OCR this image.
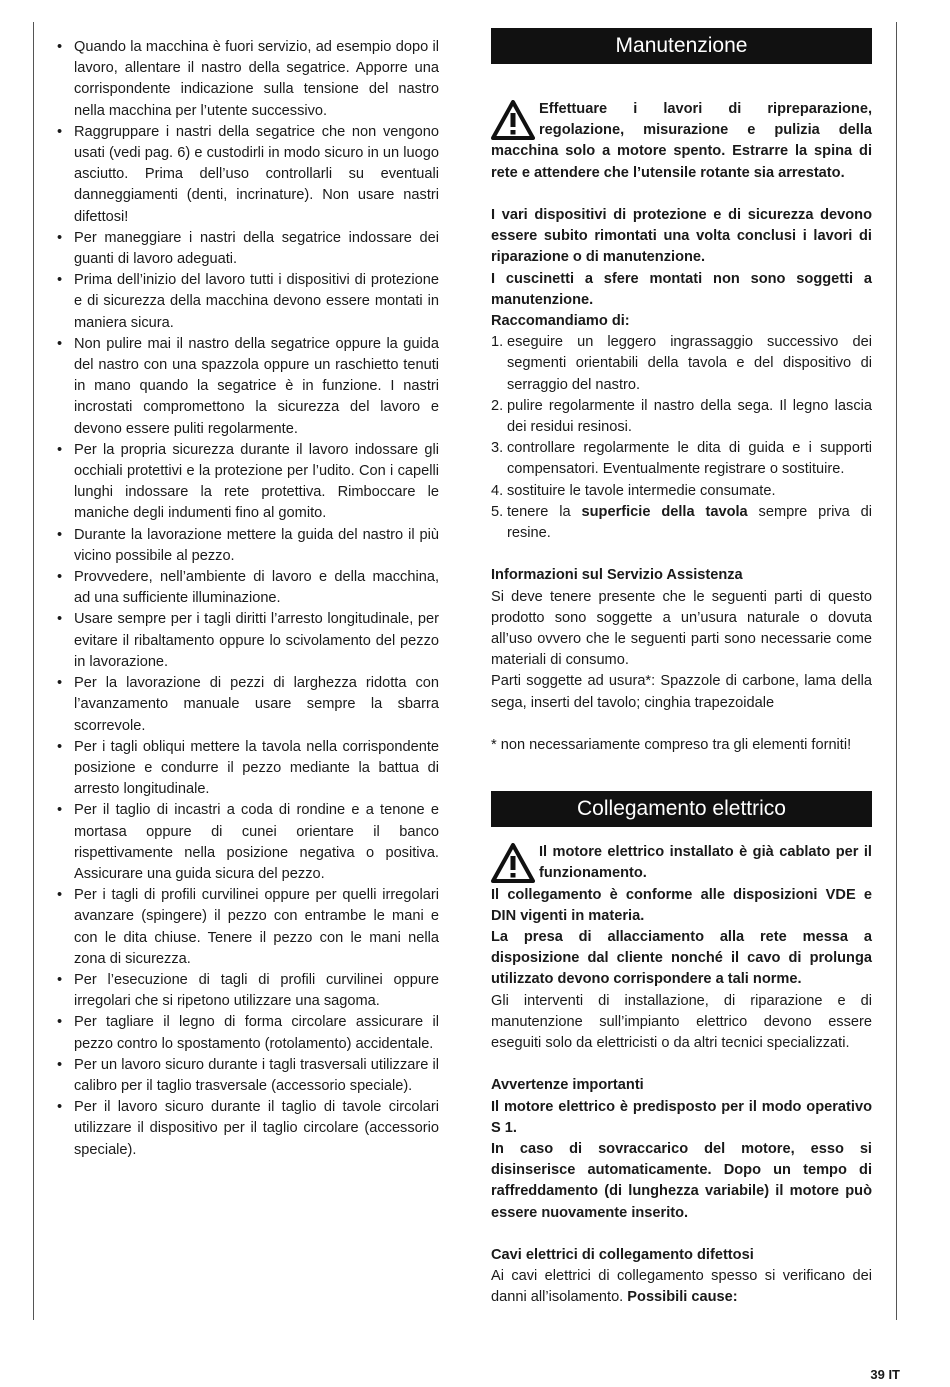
• Quando la macchina è fuori servizio, ad esempio dopo il lavoro, allentare il nastro della segatrice. Apporre una corrispondente indicazione sulla tensione del nastro nella macchina per l’utente successivo.
• Raggruppare i nastri della segatrice che non vengono usati (vedi pag. 6) e custodirli in modo sicuro in un luogo asciutto. Prima dell’uso controllarli su eventuali danneggiamenti (denti, incrinature). Non usare nastri difettosi!
• Per maneggiare i nastri della segatrice indossare dei guanti di lavoro adeguati.
• Prima dell’inizio del lavoro tutti i dispositivi di protezione e di sicurezza della macchina devono essere montati in maniera sicura.
• Non pulire mai il nastro della segatrice oppure la guida del nastro con una spazzola oppure un raschietto tenuti in mano quando la segatrice è in funzione. I nastri incrostati compromettono la sicurezza del lavoro e devono essere puliti regolarmente.
• Per la propria sicurezza durante il lavoro indossare gli occhiali protettivi e la protezione per l’udito. Con i capelli lunghi indossare la rete protettiva. Rimboccare le maniche degli indumenti fino al gomito.
• Durante la lavorazione mettere la guida del nastro il più vicino possibile al pezzo.
• Provvedere, nell’ambiente di lavoro e della macchina, ad una sufficiente illuminazione.
• Usare sempre per i tagli diritti l’arresto longitudinale, per evitare il ribaltamento oppure lo scivolamento del pezzo in lavorazione.
• Per la lavorazione di pezzi di larghezza ridotta con l’avanzamento manuale usare sempre la sbarra scorrevole.
• Per i tagli obliqui mettere la tavola nella corrispondente posizione e condurre il pezzo mediante la battua di arresto longitudinale.
• Per il taglio di incastri a coda di rondine e a tenone e mortasa oppure di cunei orientare il banco rispettivamente nella posizione negativa o positiva. Assicurare una guida sicura del pezzo.
• Per i tagli di profili curvilinei oppure per quelli irregolari avanzare (spingere) il pezzo con entrambe le mani e con le dita chiuse. Tenere il pezzo con le mani nella zona di sicurezza.
• Per l’esecuzione di tagli di profili curvilinei oppure irregolari che si ripetono utilizzare una sagoma.
• Per tagliare il legno di forma circolare assicurare il pezzo contro lo spostamento (rotolamento) accidentale.
• Per un lavoro sicuro durante i tagli trasversali utilizzare il calibro per il taglio trasversale (accessorio speciale).
• Per il lavoro sicuro durante il taglio di tavole circolari utilizzare il dispositivo per il taglio circolare (accessorio speciale).
Manutenzione
Effettuare i lavori di ripreparazione, regolazione, misurazione e pulizia della macchina solo a motore spento. Estrarre la spina di rete e attendere che l’utensile rotante sia arrestato.

I vari dispositivi di protezione e di sicurezza devono essere subito rimontati una volta conclusi i lavori di riparazione o di manutenzione.

I cuscinetti a sfere montati non sono soggetti a manutenzione.

Raccomandiamo di:

1. eseguire un leggero ingrassaggio successivo dei segmenti orientabili della tavola e del dispositivo di serraggio del nastro.
2. pulire regolarmente il nastro della sega. Il legno lascia dei residui resinosi.
3. controllare regolarmente le dita di guida e i supporti compensatori. Eventualmente registrare o sostituire.
4. sostituire le tavole intermedie consumate.
5. tenere la superficie della tavola sempre priva di resine.

Informazioni sul Servizio Assistenza

Si deve tenere presente che le seguenti parti di questo prodotto sono soggette a un’usura naturale o dovuta all’uso ovvero che le seguenti parti sono necessarie come materiali di consumo.

Parti soggette ad usura*: Spazzole di carbone, lama della sega, inserti del tavolo; cinghia trapezoidale

* non necessariamente compreso tra gli elementi forniti!

Collegamento elettrico
Il motore elettrico installato è già cablato per il funzionamento.

Il collegamento è conforme alle disposizioni VDE e DIN vigenti in materia.

La presa di allacciamento alla rete messa a disposizione dal cliente nonché il cavo di prolunga utilizzato devono corrispondere a tali norme.

Gli interventi di installazione, di riparazione e di manutenzione sull’impianto elettrico devono essere eseguiti solo da elettricisti o da altri tecnici specializzati.

Avvertenze importanti

Il motore elettrico è predisposto per il modo operativo S 1.

In caso di sovraccarico del motore, esso si disinserisce automaticamente. Dopo un tempo di raffreddamento (di lunghezza variabile) il motore può essere nuovamente inserito.

Cavi elettrici di collegamento difettosi

Ai cavi elettrici di collegamento spesso si verificano dei danni all’isolamento. Possibili cause:

39 IT
